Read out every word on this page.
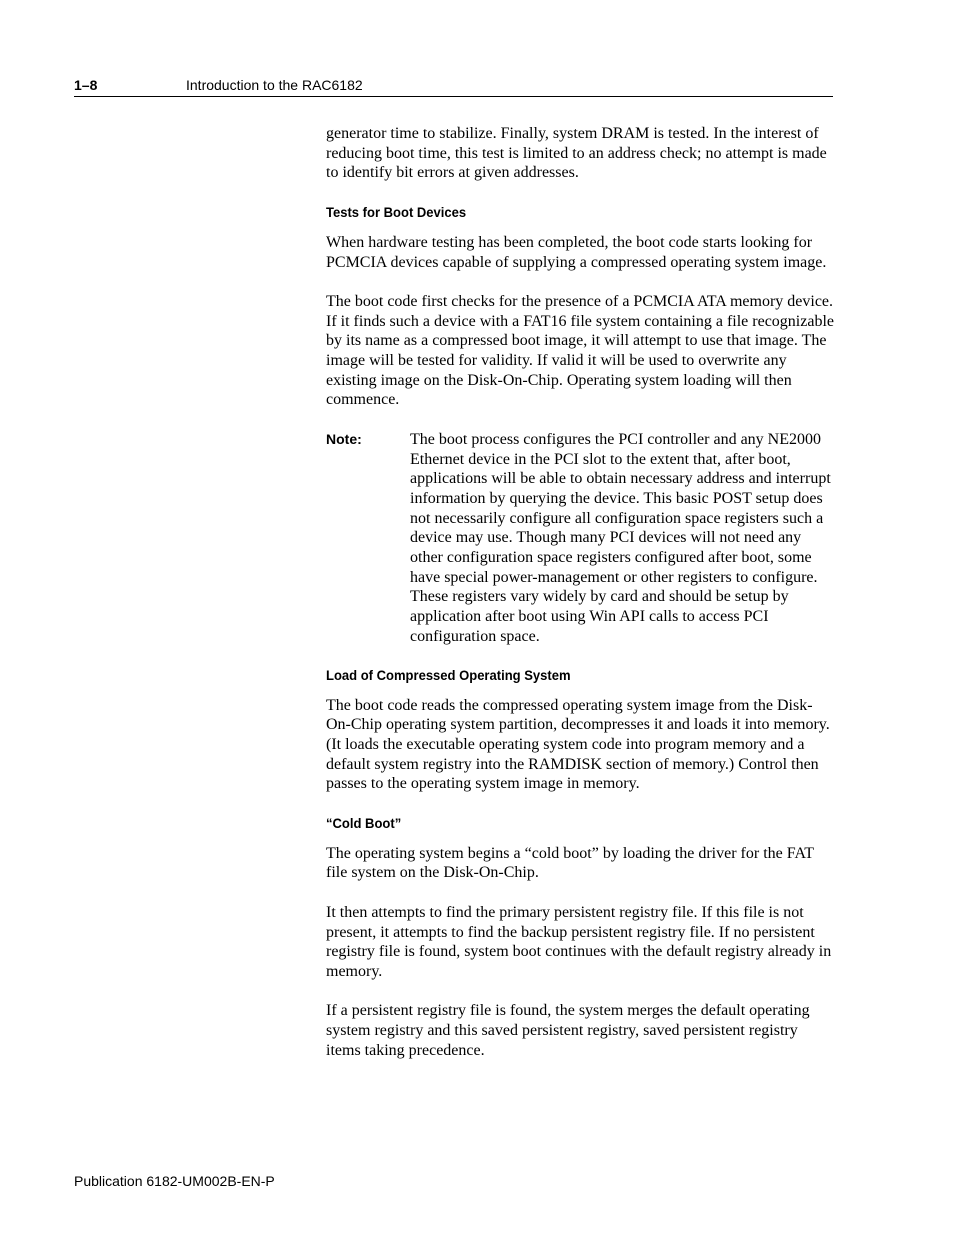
1–8	Introduction to the RAC6182

generator time to stabilize. Finally, system DRAM is tested. In the interest of reducing boot time, this test is limited to an address check; no attempt is made to identify bit errors at given addresses.

Tests for Boot Devices

When hardware testing has been completed, the boot code starts looking for PCMCIA devices capable of supplying a compressed operating system image.

The boot code first checks for the presence of a PCMCIA ATA memory device. If it finds such a device with a FAT16 file system containing a file recognizable by its name as a compressed boot image, it will attempt to use that image. The image will be tested for validity. If valid it will be used to overwrite any existing image on the Disk-On-Chip. Operating system loading will then commence.

Note:	The boot process configures the PCI controller and any NE2000 Ethernet device in the PCI slot to the extent that, after boot, applications will be able to obtain necessary address and interrupt information by querying the device. This basic POST setup does not necessarily configure all configuration space registers such a device may use. Though many PCI devices will not need any other configuration space registers configured after boot, some have special power-management or other registers to configure. These registers vary widely by card and should be setup by application after boot using Win API calls to access PCI configuration space.
Load of Compressed Operating System

The boot code reads the compressed operating system image from the Disk-On-Chip operating system partition, decompresses it and loads it into memory. (It loads the executable operating system code into program memory and a default system registry into the RAMDISK section of memory.) Control then passes to the operating system image in memory.

“Cold Boot”

The operating system begins a “cold boot” by loading the driver for the FAT file system on the Disk-On-Chip.

It then attempts to find the primary persistent registry file. If this file is not present, it attempts to find the backup persistent registry file. If no persistent registry file is found, system boot continues with the default registry already in memory.

If a persistent registry file is found, the system merges the default operating system registry and this saved persistent registry, saved persistent registry items taking precedence.

Publication 6182-UM002B-EN-P
